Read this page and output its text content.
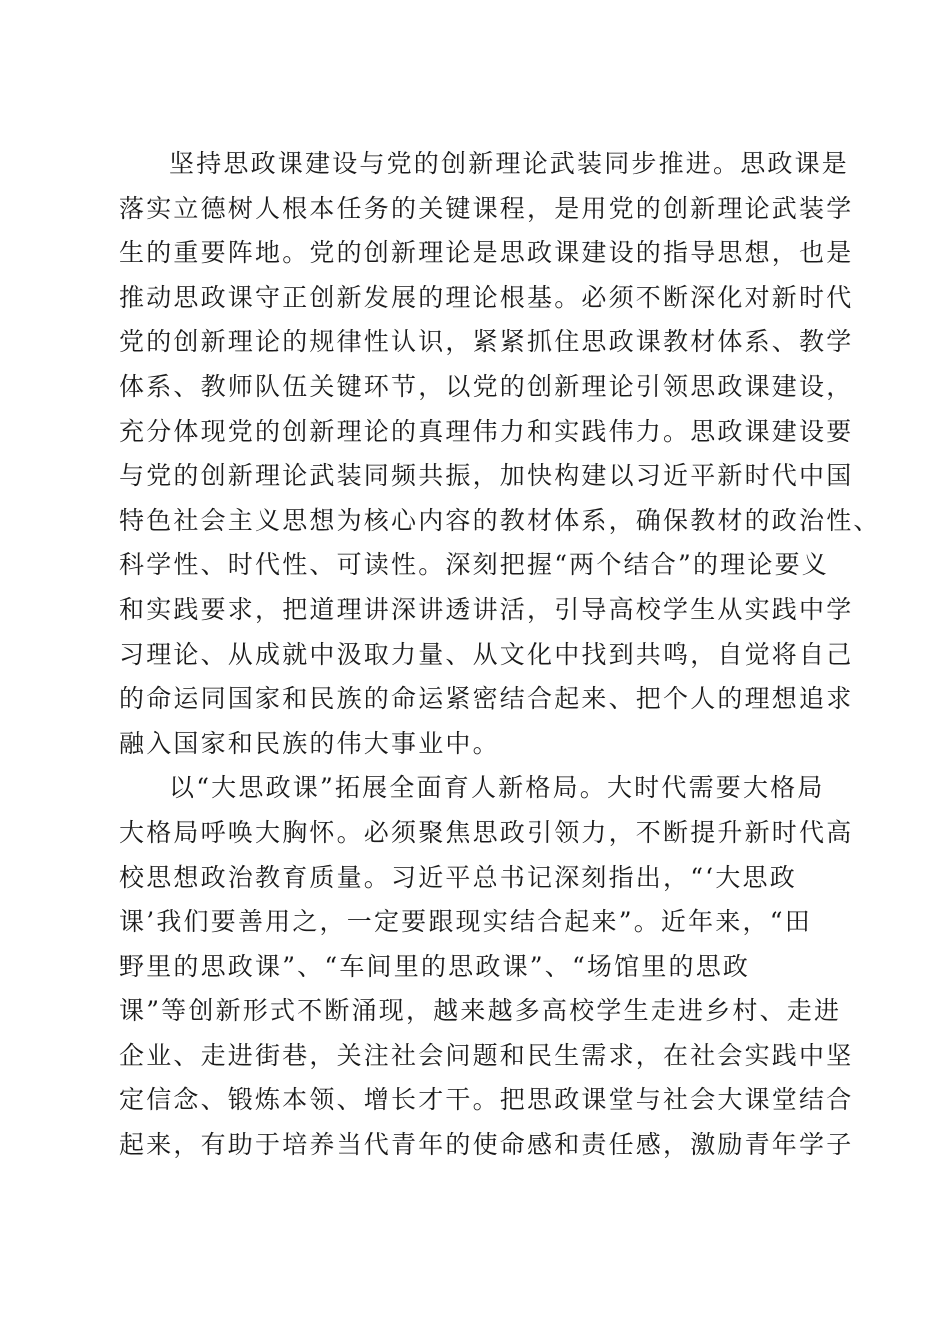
坚持思政课建设与党的创新理论武装同步推进。思政课是
落实立德树人根本任务的关键课程，是用党的创新理论武装学
生的重要阵地。党的创新理论是思政课建设的指导思想，也是
推动思政课守正创新发展的理论根基。必须不断深化对新时代
党的创新理论的规律性认识，紧紧抓住思政课教材体系、教学
体系、教师队伍关键环节，以党的创新理论引领思政课建设，
充分体现党的创新理论的真理伟力和实践伟力。思政课建设要
与党的创新理论武装同频共振，加快构建以习近平新时代中国
特色社会主义思想为核心内容的教材体系，确保教材的政治性、
科学性、时代性、可读性。深刻把握“两个结合”的理论要义
和实践要求，把道理讲深讲透讲活，引导高校学生从实践中学
习理论、从成就中汲取力量、从文化中找到共鸣，自觉将自己
的命运同国家和民族的命运紧密结合起来、把个人的理想追求
融入国家和民族的伟大事业中。
以“大思政课”拓展全面育人新格局。大时代需要大格局
大格局呼唤大胸怀。必须聚焦思政引领力，不断提升新时代高
校思想政治教育质量。习近平总书记深刻指出，“‘大思政
课’我们要善用之，一定要跟现实结合起来”。近年来，“田
野里的思政课”、“车间里的思政课”、“场馆里的思政
课”等创新形式不断涌现，越来越多高校学生走进乡村、走进
企业、走进街巷，关注社会问题和民生需求，在社会实践中坚
定信念、锻炼本领、增长才干。把思政课堂与社会大课堂结合
起来，有助于培养当代青年的使命感和责任感，激励青年学子
